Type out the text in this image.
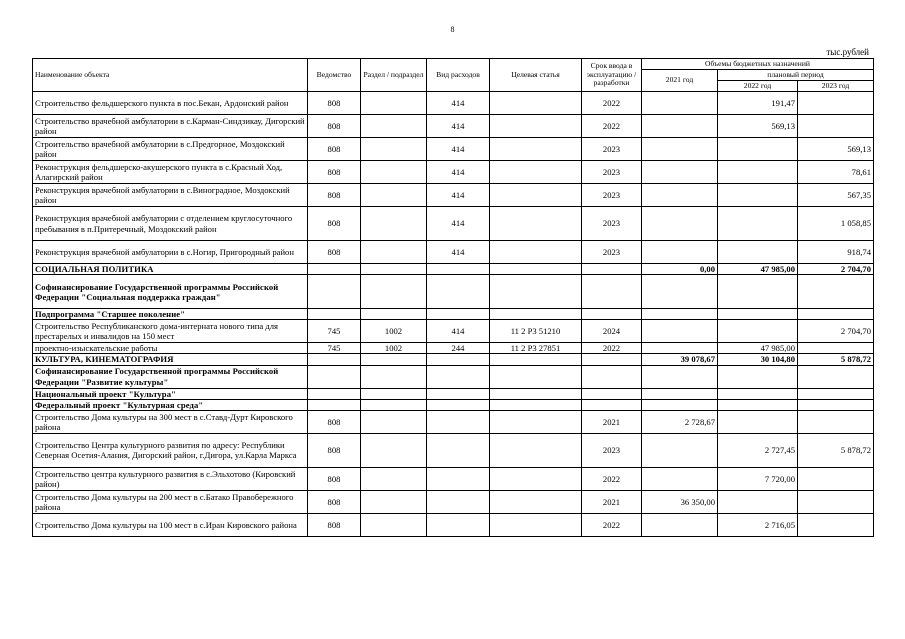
8
тыс.рублей
Наименование объекта	Ведомство	Раздел / подраздел	Вид расходов	Целевая статья	Срок ввода в эксплуатацию / разработки	Объемы бюджетных назначений		
						2021 год	плановый период	
							2022 год	2023 год
Строительство фельдшерского пункта в пос.Бекан, Ардонский район	808		414		2022		191,47	
Строительство врачебной амбулатории в с.Карман-Синдзикау, Дигорский район	808		414		2022		569,13	
Строительство врачебной амбулатории в с.Предгорное, Моздокский район	808		414		2023			569,13
Реконструкция фельдшерско-акушерского пункта в с.Красный Ход, Алагирский район	808		414		2023			78,61
Реконструкция врачебной амбулатории в с.Виноградное, Моздокский район	808		414		2023			567,35
Реконструкция врачебной амбулатории с отделением круглосуточного пребывания в п.Притеречный, Моздокский район	808		414		2023			1 058,85
Реконструкция врачебной амбулатории в с.Ногир, Пригородный район	808		414		2023			918,74
СОЦИАЛЬНАЯ ПОЛИТИКА						0,00	47 985,00	2 704,70
Софинансирование Государственной программы Российской Федерации "Социальная поддержка граждан"								
Подпрограмма "Старшее поколение"								
Строительство Республиканского дома-интерната нового типа для престарелых и инвалидов на 150 мест	745	1002	414	11 2 P3 51210	2024			2 704,70
проектно-изыскательские работы	745	1002	244	11 2 P3 27851	2022		47 985,00	
КУЛЬТУРА, КИНЕМАТОГРАФИЯ						39 078,67	30 104,80	5 878,72
Софинансирование Государственной программы Российской Федерации "Развитие культуры"								
Национальный проект "Культура"								
Федеральный проект "Культурная среда"								
Строительство Дома культуры на 300 мест в с.Ставд-Дурт Кировского района	808				2021	2 728,67		
Строительство Центра культурного развития по адресу: Республики Северная Осетия-Алания, Дигорский район, г.Дигора, ул.Карла Маркса	808				2023		2 727,45	5 878,72
Строительство центра культурного развития в с.Эльхотово (Кировский район)	808				2022		7 720,00	
Строительство Дома культуры на 200 мест в с.Батако Правобережного района	808				2021	36 350,00		
Строительство Дома культуры на 100 мест в с.Иран Кировского района	808				2022		2 716,05	
